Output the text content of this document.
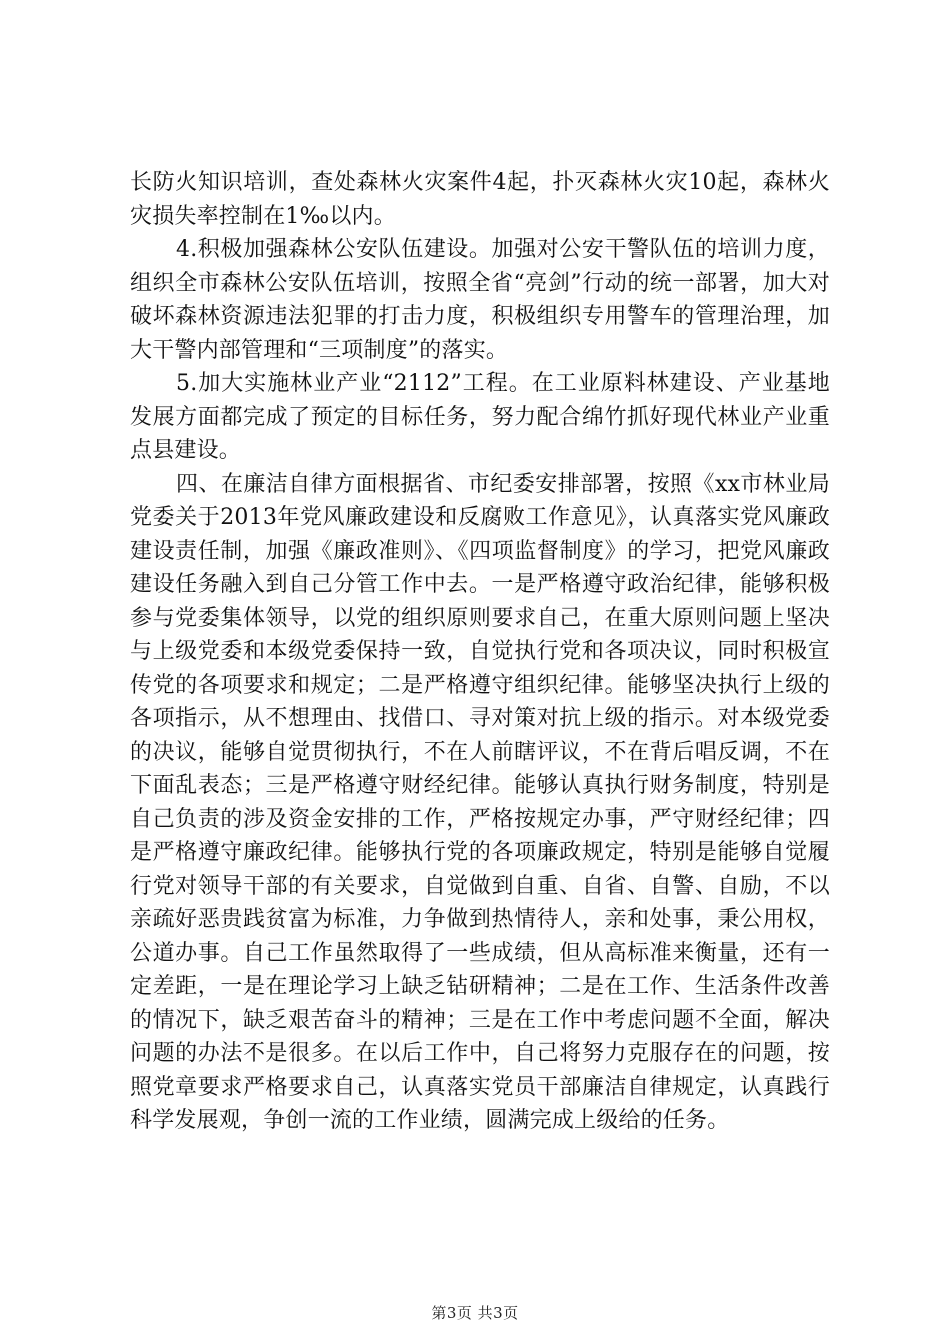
长防火知识培训，查处森林火灾案件4起，扑灭森林火灾10起，森林火灾损失率控制在1‰以内。

4.积极加强森林公安队伍建设。加强对公安干警队伍的培训力度，组织全市森林公安队伍培训，按照全省“亮剑”行动的统一部署，加大对破坏森林资源违法犯罪的打击力度，积极组织专用警车的管理治理，加大干警内部管理和“三项制度”的落实。

5.加大实施林业产业“2112”工程。在工业原料林建设、产业基地发展方面都完成了预定的目标任务，努力配合绵竹抓好现代林业产业重点县建设。

四、在廉洁自律方面根据省、市纪委安排部署，按照《xx市林业局党委关于2013年党风廉政建设和反腐败工作意见》，认真落实党风廉政建设责任制，加强《廉政准则》、《四项监督制度》的学习，把党风廉政建设任务融入到自己分管工作中去。一是严格遵守政治纪律，能够积极参与党委集体领导，以党的组织原则要求自己，在重大原则问题上坚决与上级党委和本级党委保持一致，自觉执行党和各项决议，同时积极宣传党的各项要求和规定；二是严格遵守组织纪律。能够坚决执行上级的各项指示，从不想理由、找借口、寻对策对抗上级的指示。对本级党委的决议，能够自觉贯彻执行，不在人前瞎评议，不在背后唱反调，不在下面乱表态；三是严格遵守财经纪律。能够认真执行财务制度，特别是自己负责的涉及资金安排的工作，严格按规定办事，严守财经纪律；四是严格遵守廉政纪律。能够执行党的各项廉政规定，特别是能够自觉履行党对领导干部的有关要求，自觉做到自重、自省、自警、自励，不以亲疏好恶贵践贫富为标准，力争做到热情待人，亲和处事，秉公用权，公道办事。自己工作虽然取得了一些成绩，但从高标准来衡量，还有一定差距，一是在理论学习上缺乏钻研精神；二是在工作、生活条件改善的情况下，缺乏艰苦奋斗的精神；三是在工作中考虑问题不全面，解决问题的办法不是很多。在以后工作中，自己将努力克服存在的问题，按照党章要求严格要求自己，认真落实党员干部廉洁自律规定，认真践行科学发展观，争创一流的工作业绩，圆满完成上级给的任务。

第3页 共3页
